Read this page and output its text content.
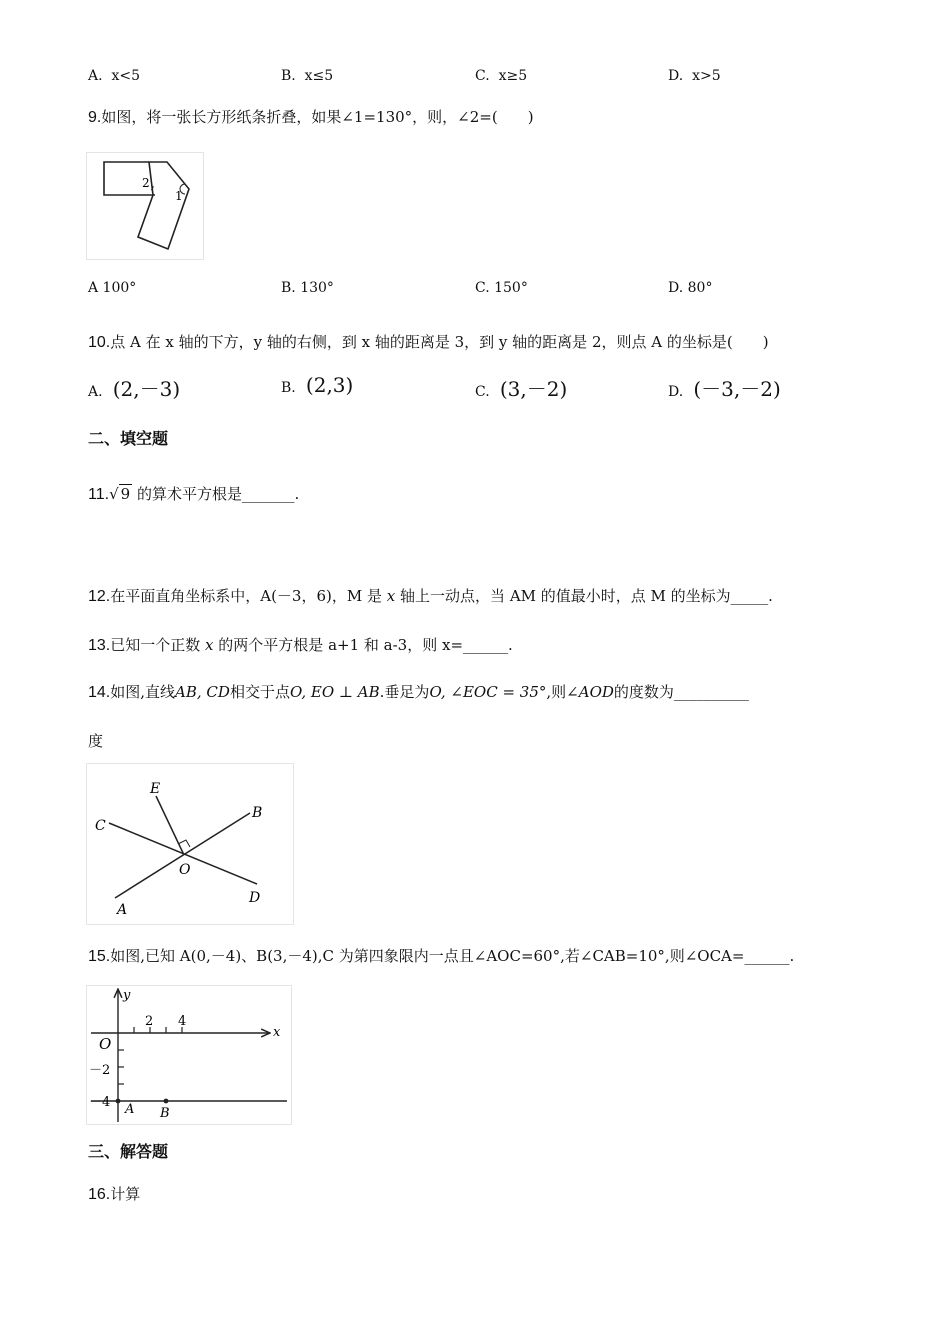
A. x<5	B. x≤5	C. x≥5	D. x>5
9.如图，将一张长方形纸条折叠，如果∠1=130°，则，∠2=(　　)
2
1
A 100°	B. 130°	C. 150°	D. 80°
10.点 A 在 x 轴的下方，y 轴的右侧，到 x 轴的距离是 3，到 y 轴的距离是 2，则点 A 的坐标是(　　)
A. (2,－3)	B. (2,3)	C. (3,－2)	D. (－3,－2)
二、填空题
11.√ 9 的算术平方根是_______.
12.在平面直角坐标系中，A(－3，6)，M 是 x 轴上一动点，当 AM 的值最小时，点 M 的坐标为_____.
13.已知一个正数 x 的两个平方根是 a+1 和 a-3，则 x=______.
14.如图,直线AB, CD相交于点O, EO ⊥ AB.垂足为O, ∠EOC = 35°,则∠AOD的度数为__________
度
E
B
C
O
A
D
15.如图,已知 A(0,－4)、B(3,－4),C 为第四象限内一点且∠AOC=60°,若∠CAB=10°,则∠OCA=______.
y
x
O
2 4
－2
－4 A B
三、解答题
16.计算
